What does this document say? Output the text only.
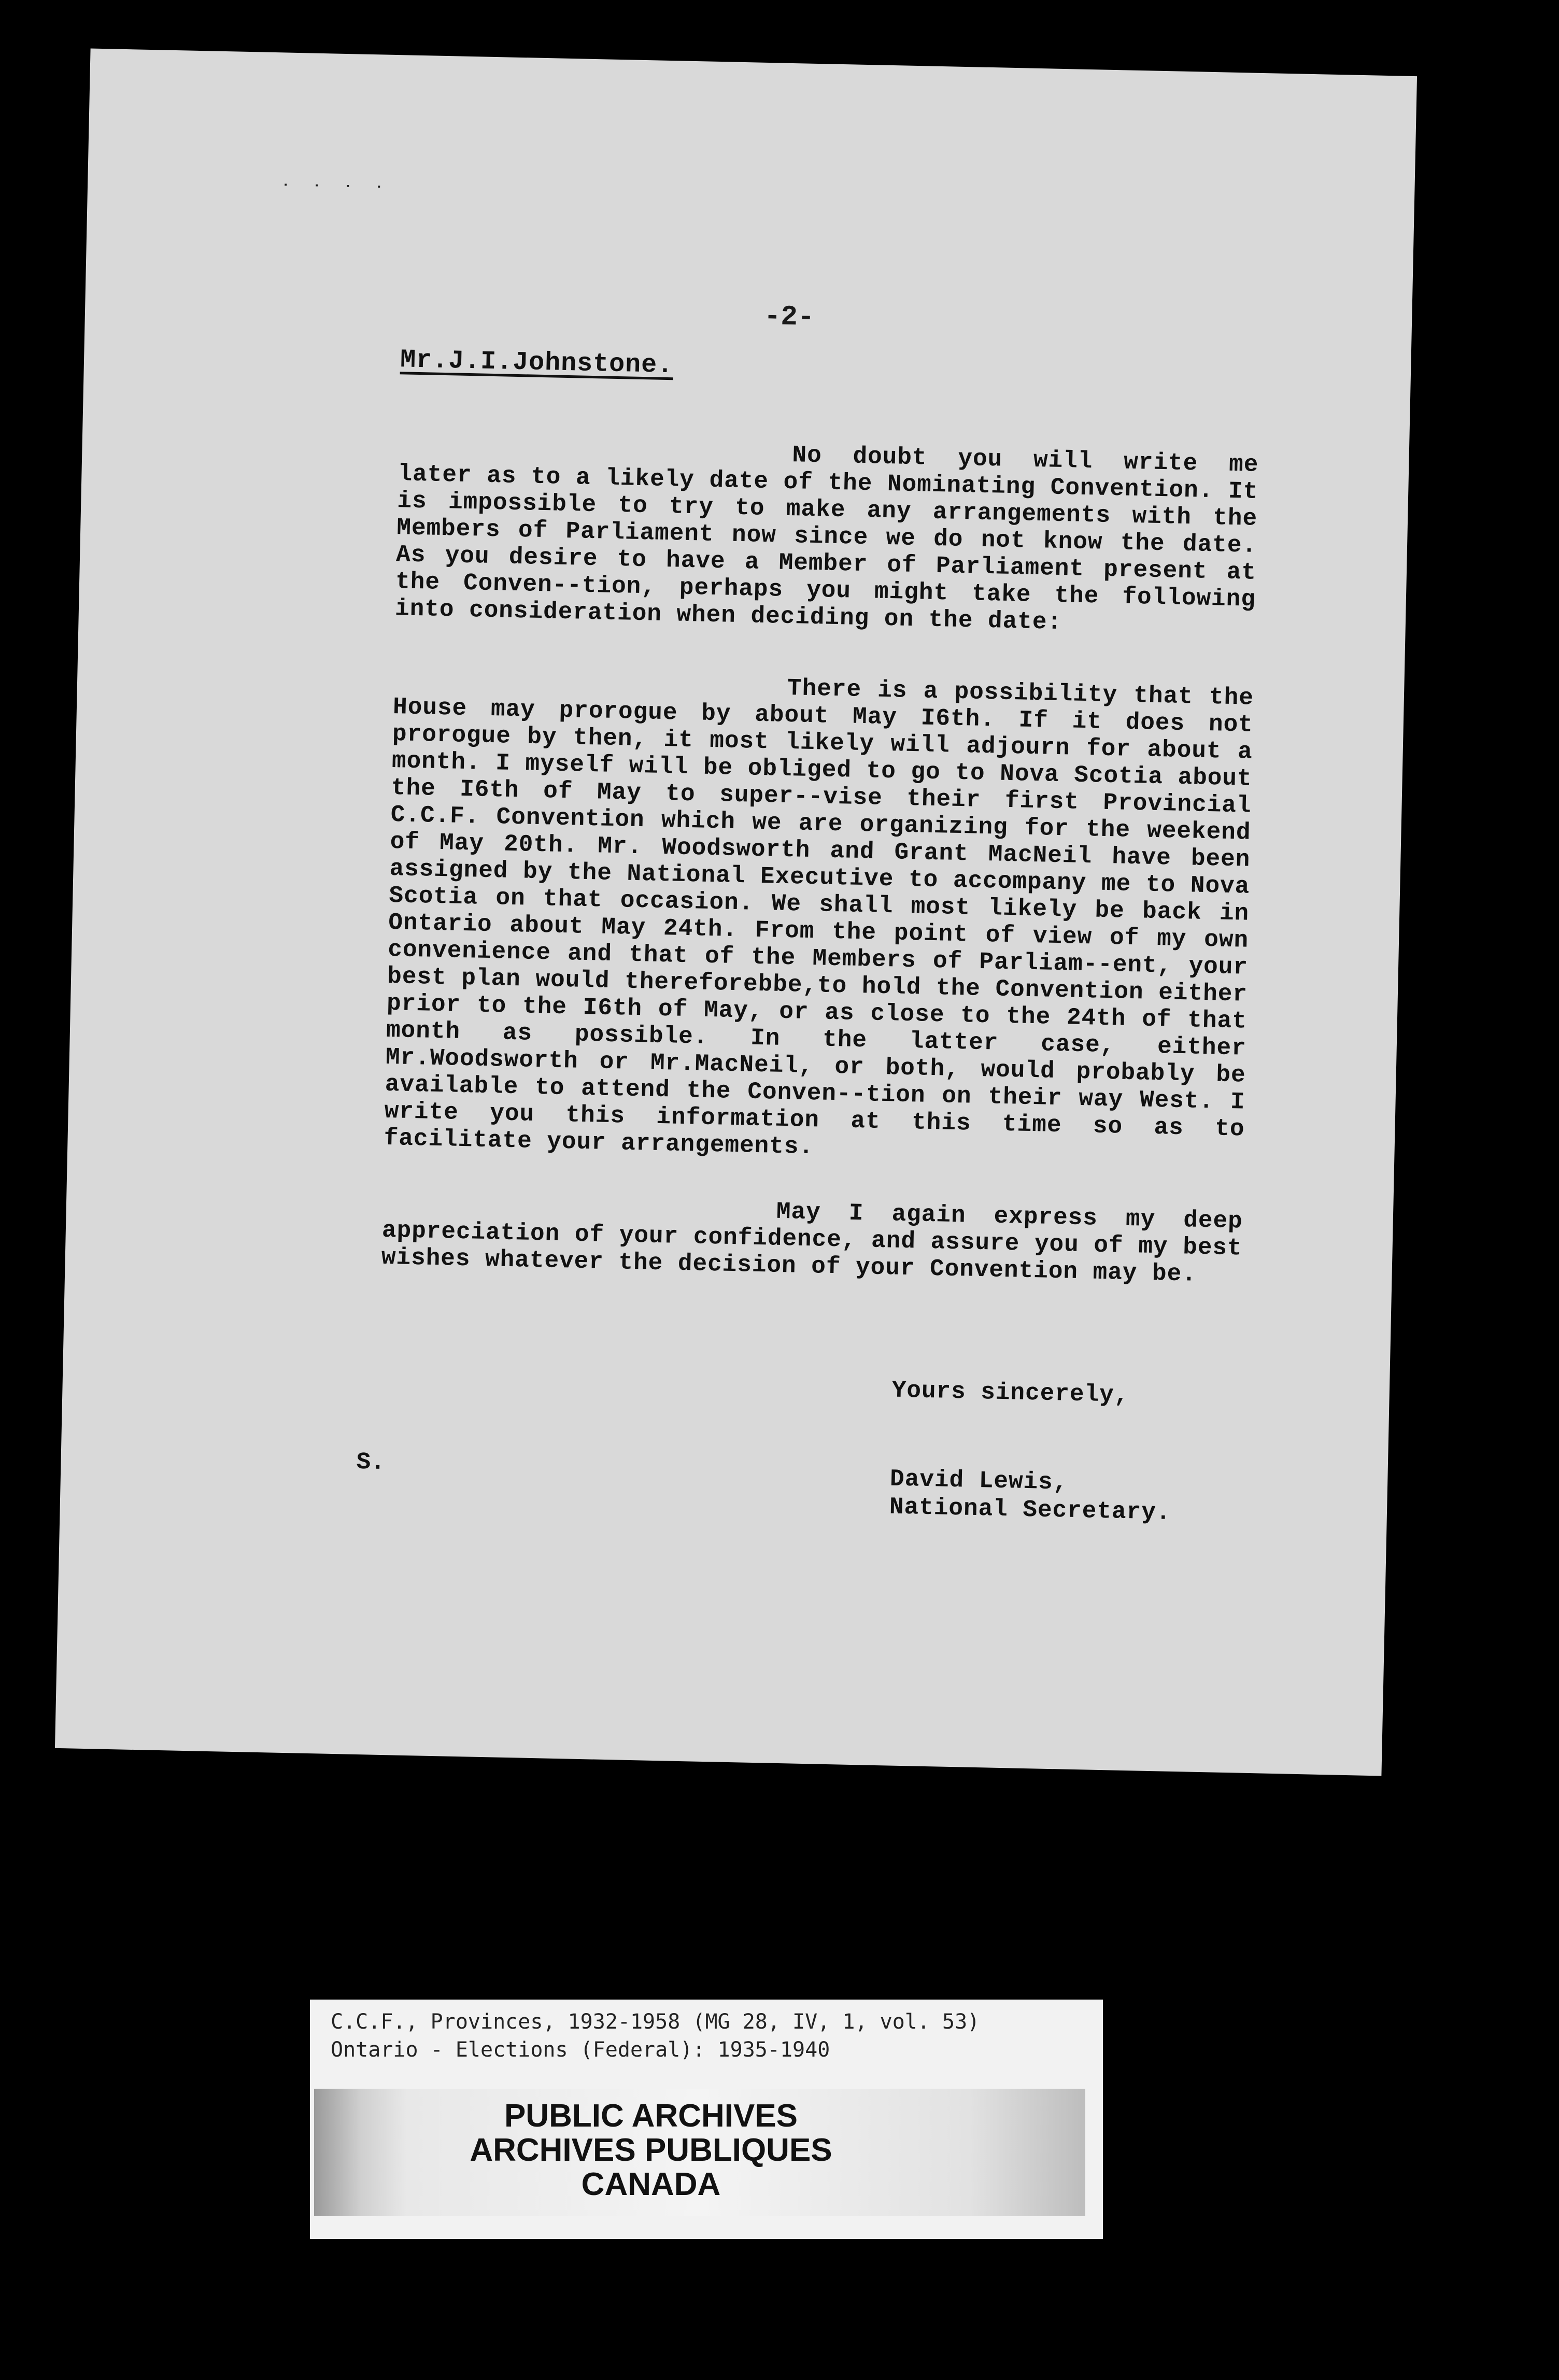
˙ ˙ ˙ ˙
-2-
Mr.J.I.Johnstone.
No doubt you will write me later as to a likely date of the Nominating Convention. It is impossible to try to make any arrangements with the Members of Parliament now since we do not know the date. As you desire to have a Member of Parliament present at the Conven--tion, perhaps you might take the following into consideration when deciding on the date:
There is a possibility that the House may prorogue by about May I6th. If it does not prorogue by then, it most likely will adjourn for about a month. I myself will be obliged to go to Nova Scotia about the I6th of May to super--vise their first Provincial C.C.F. Convention which we are organizing for the weekend of May 20th. Mr. Woodsworth and Grant MacNeil have been assigned by the National Executive to accompany me to Nova Scotia on that occasion. We shall most likely be back in Ontario about May 24th. From the point of view of my own convenience and that of the Members of Parliam--ent, your best plan would thereforebbe,to hold the Convention either prior to the I6th of May, or as close to the 24th of that month as possible. In the latter case, either Mr.Woodsworth or Mr.MacNeil, or both, would probably be available to attend the Conven--tion on their way West. I write you this information at this time so as to facilitate your arrangements.
May I again express my deep appreciation of your confidence, and assure you of my best wishes whatever the decision of your Convention may be.
Yours sincerely,
S.
David Lewis,
National Secretary.
C.C.F., Provinces, 1932-1958 (MG 28, IV, 1, vol. 53)
Ontario - Elections (Federal): 1935-1940
PUBLIC ARCHIVES
ARCHIVES PUBLIQUES
CANADA
